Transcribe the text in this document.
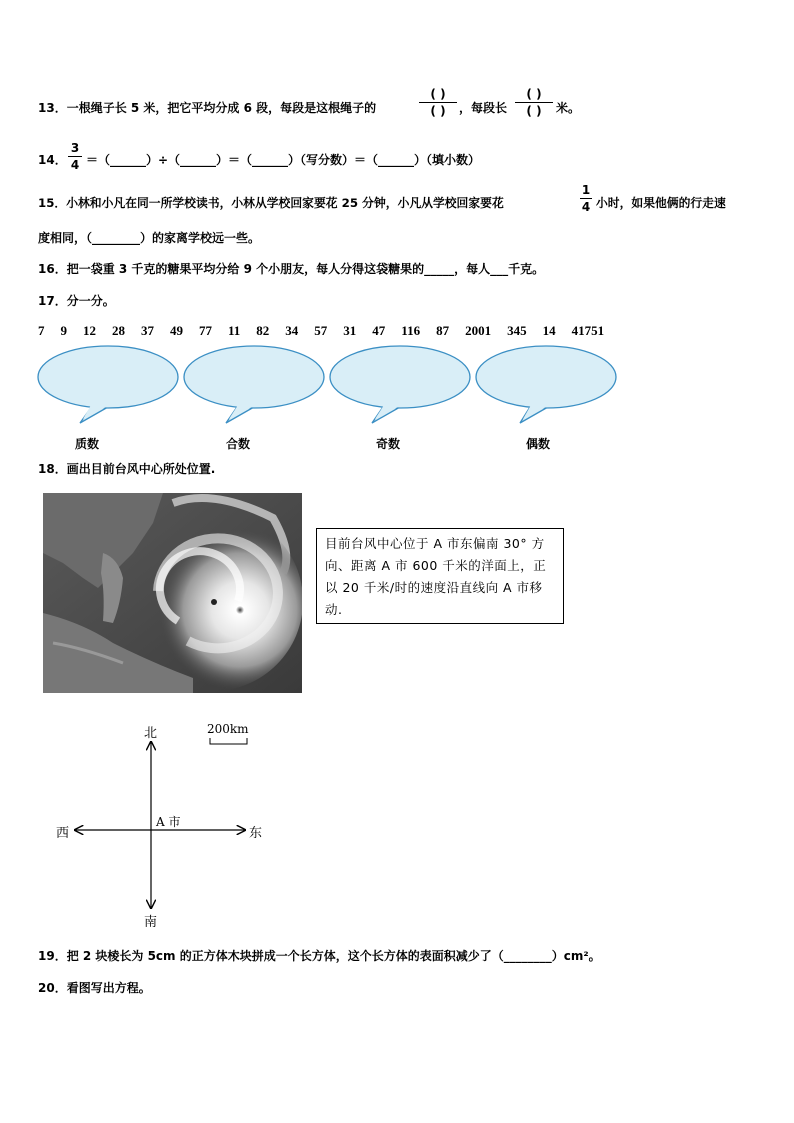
13．一根绳子长 5 米，把它平均分成 6 段，每段是这根绳子的
( )
( )	，每段长
( )
( )	米。
14．
3
4 ＝（______）÷（______）＝（______）（写分数）＝（______）（填小数）
15．小林和小凡在同一所学校读书，小林从学校回家要花 25 分钟，小凡从学校回家要花
1
4 小时，如果他俩的行走速
度相同，（________）的家离学校远一些。
16．把一袋重 3 千克的糖果平均分给 9 个小朋友，每人分得这袋糖果的_____，每人___千克。
17．分一分。
7 9 12 28 37 49 77 11 82 34 57 31 47 116 87 2001 345 14 41751
质数	合数	奇数	偶数
18．画出目前台风中心所处位置.
目前台风中心位于 A 市东偏南 30° 方向、距离 A 市 600 千米的洋面上，正以 20 千米/时的速度沿直线向 A 市移动.
北	200km
A 市
西	东
南
19．把 2 块棱长为 5cm 的正方体木块拼成一个长方体，这个长方体的表面积减少了（________）cm²。
20．看图写出方程。
